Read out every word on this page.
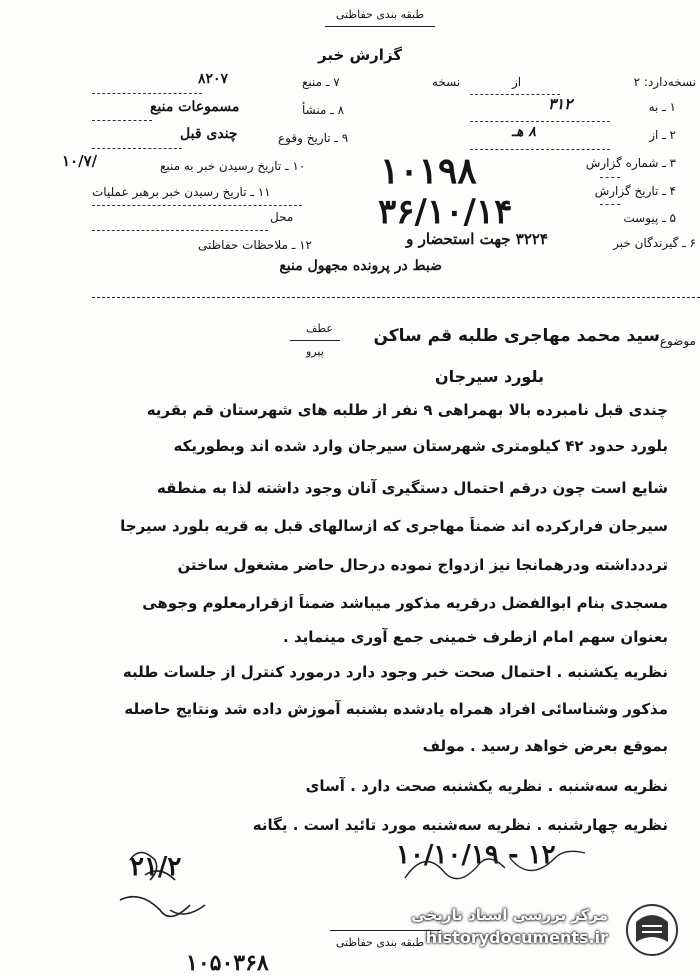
طبقه بندی حفاظتی
گزارش خبر
نسخه‌دارد: ۲
از
نسخه
۱ ـ به
۳۱۲
۲ ـ از
۸ هـ
۳ ـ شماره گزارش
۴ ـ تاریخ گزارش
۵ ـ پیوست
۶ ـ گیرندگان خبر
۳۲۲۴ جهت استحضار و
ضبط در پرونده مجهول منبع
۷ ـ منبع
۸۲۰۷
۸ ـ منشأ
مسموعات منبع
۹ ـ تاریخ وقوع
چندی قبل
۱۰ ـ تاریخ رسیدن خبر به منبع
۱۰/۷/
۱۱ ـ تاریخ رسیدن خبر برهبر عملیات
محل
۱۲ ـ ملاحظات حفاظتی
۱۰۱۹۸
۳۶/۱۰/۱۴
موضوع
سید محمد مهاجری طلبه قم ساکن
عطف
پیرو
بلورد سیرجان
چندی قبل نامبرده بالا بهمراهی ۹ نفر از طلبه های شهرستان قم بقریه
بلورد حدود ۴۲ کیلومتری شهرستان سیرجان وارد شده اند وبطوریکه
شایع است چون درقم احتمال دستگیری آنان وجود داشته لذا به منطقه
سیرجان فرارکرده اند ضمناً مهاجری که ازسالهای قبل به قریه بلورد سیرجا
ترددداشته ودرهمانجا نیز ازدواج نموده درحال حاضر مشغول ساختن
مسجدی بنام ابوالفضل درقریه مذکور میباشد ضمناً ازقرارمعلوم وجوهی
بعنوان سهم امام ازطرف خمینی جمع آوری مینماید .
نظریه یکشنبه . احتمال صحت خبر وجود دارد درمورد کنترل از جلسات طلبه
مذکور وشناسائی افراد همراه یادشده بشنبه آموزش داده شد ونتایج حاصله
بموقع بعرض خواهد رسید . مولف
نظریه سه‌شنبه . نظریه یکشنبه صحت دارد . آسای
نظریه چهارشنبه . نظریه سه‌شنبه مورد تائید است . یگانه
۲۱/۲	۱۰/۱۰/۱۹ - ۱۲
طبقه بندی حفاظتی
۱۰۵۰۳۶۸
مرکز بررسی اسناد تاریخی
historydocuments.ir
